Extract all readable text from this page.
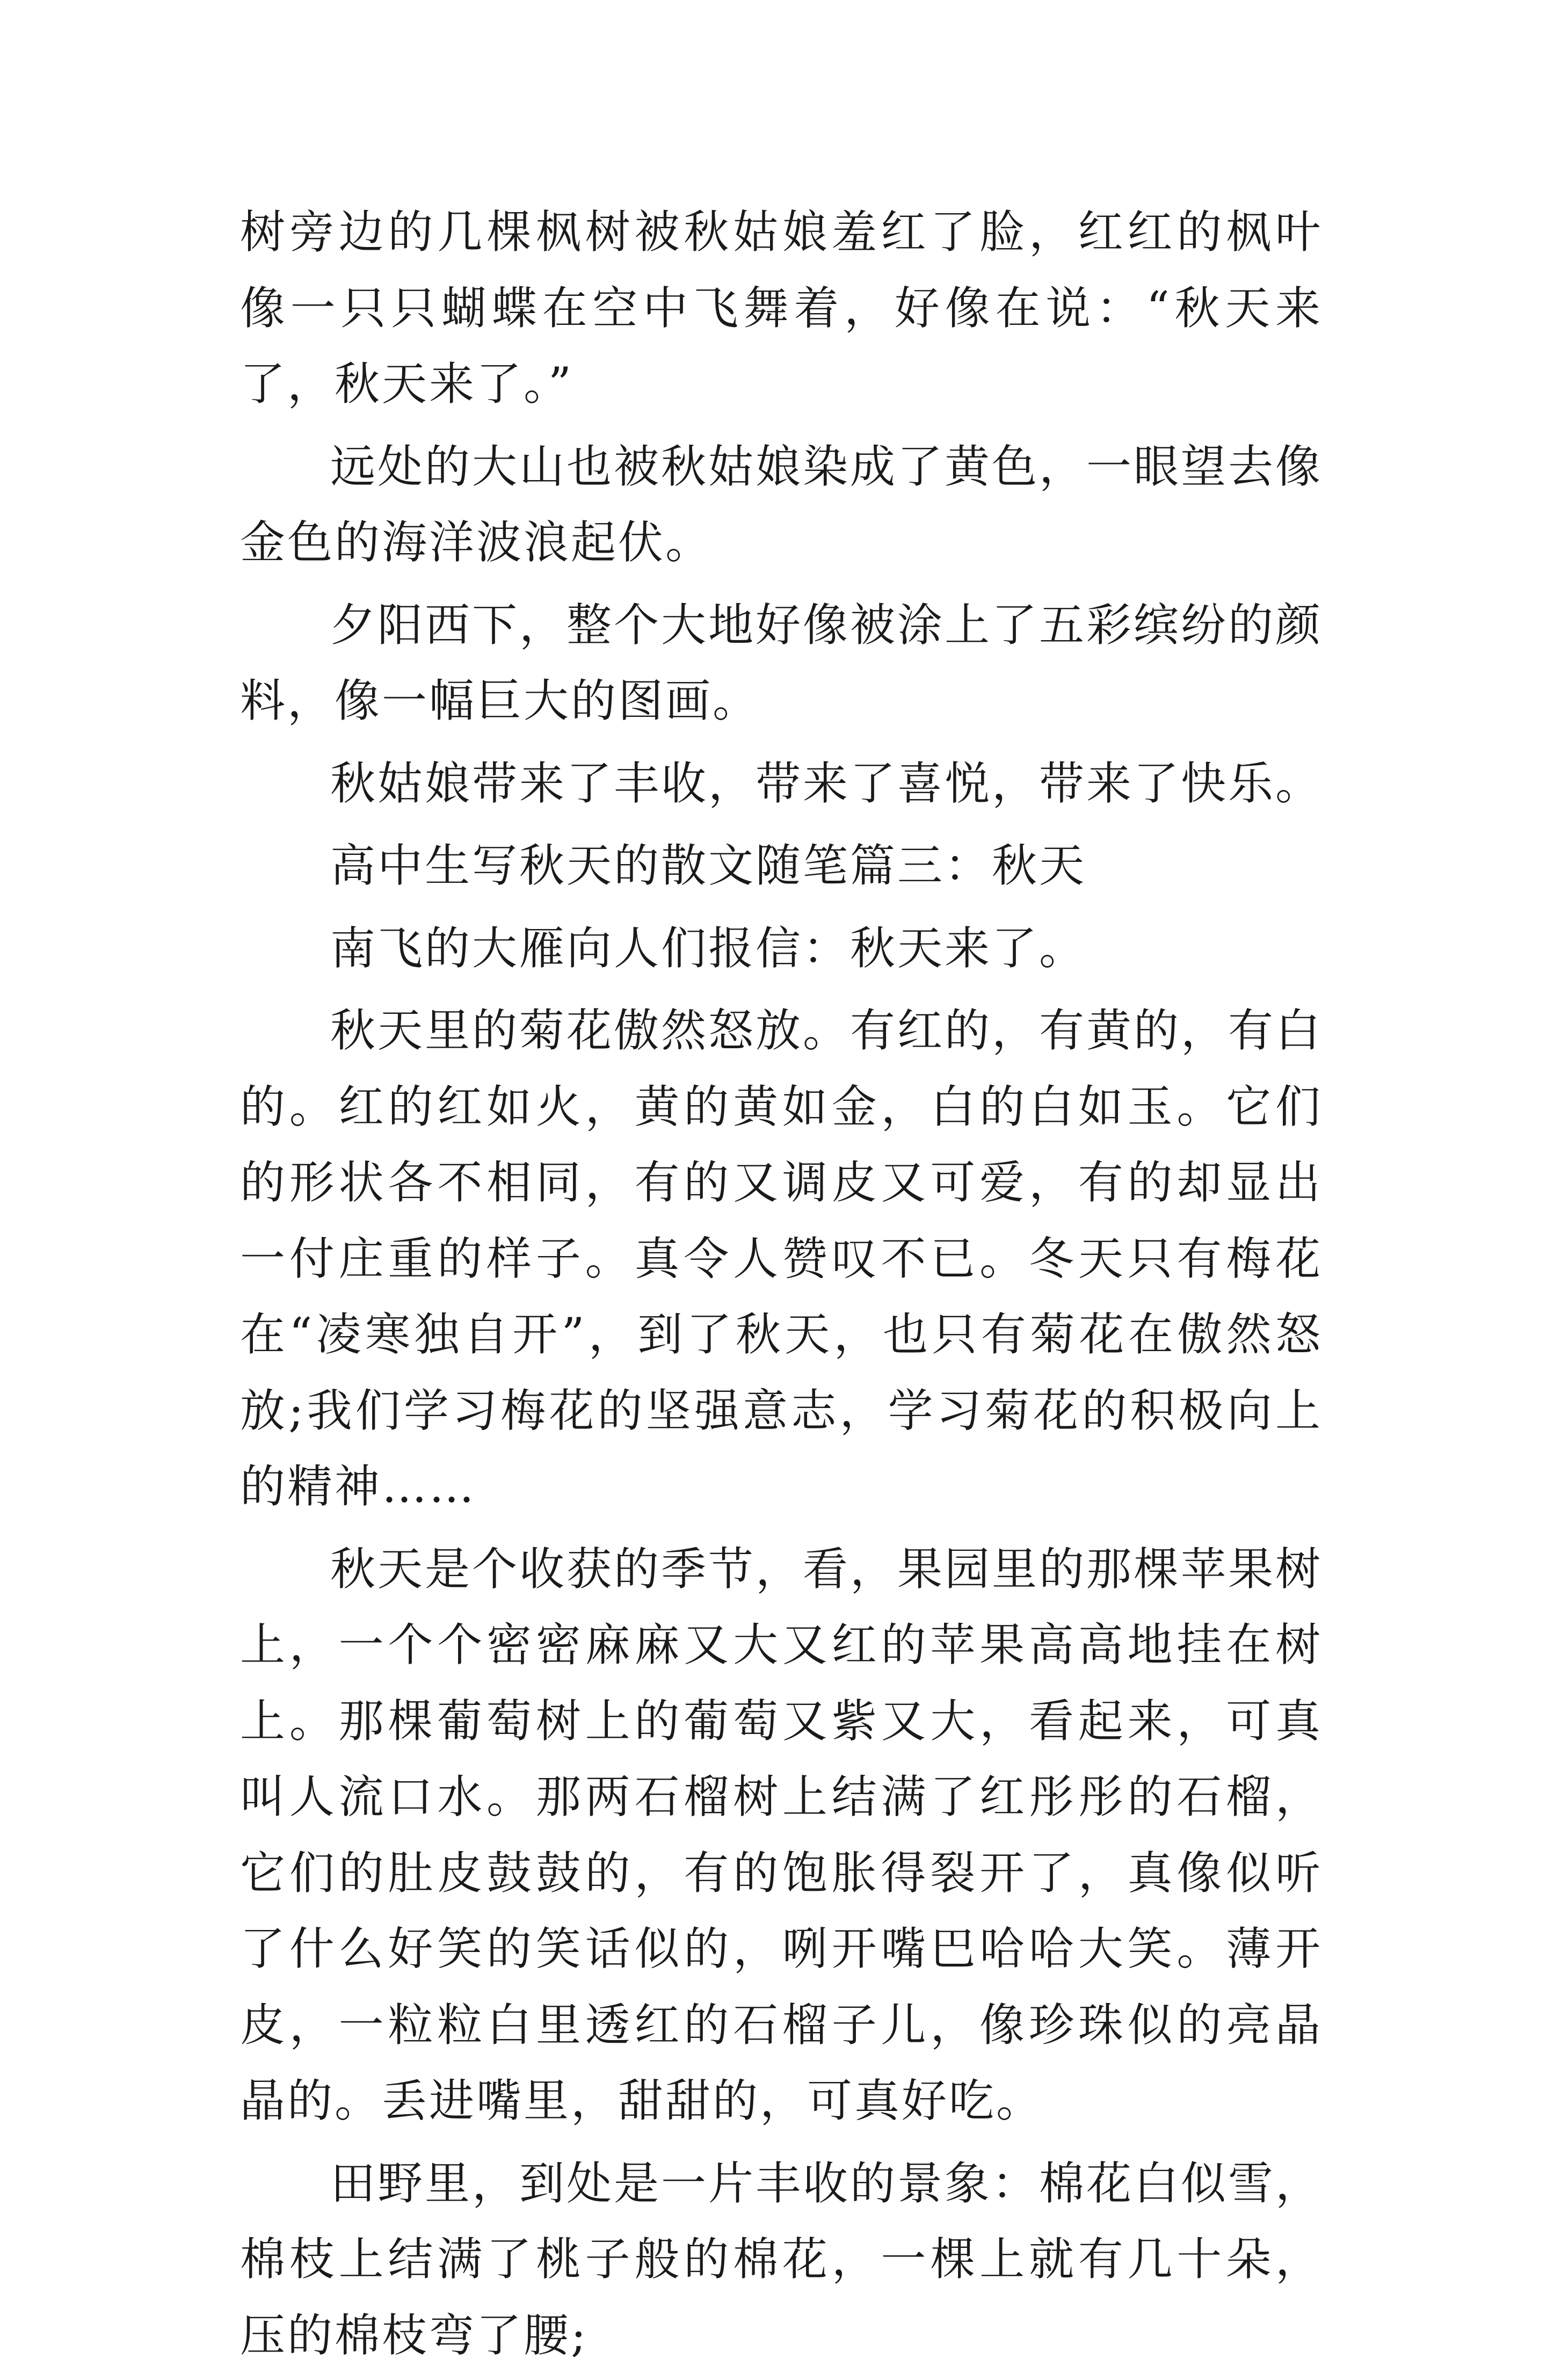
树旁边的几棵枫树被秋姑娘羞红了脸，红红的枫叶像一只只蝴蝶在空中飞舞着，好像在说：“秋天来了，秋天来了。”

远处的大山也被秋姑娘染成了黄色，一眼望去像金色的海洋波浪起伏。

夕阳西下，整个大地好像被涂上了五彩缤纷的颜料，像一幅巨大的图画。

秋姑娘带来了丰收，带来了喜悦，带来了快乐。

高中生写秋天的散文随笔篇三：秋天

南飞的大雁向人们报信：秋天来了。

秋天里的菊花傲然怒放。有红的，有黄的，有白的。红的红如火，黄的黄如金，白的白如玉。它们的形状各不相同，有的又调皮又可爱，有的却显出一付庄重的样子。真令人赞叹不已。冬天只有梅花在“凌寒独自开”，到了秋天，也只有菊花在傲然怒放;我们学习梅花的坚强意志，学习菊花的积极向上的精神……

秋天是个收获的季节，看，果园里的那棵苹果树上，一个个密密麻麻又大又红的苹果高高地挂在树上。那棵葡萄树上的葡萄又紫又大，看起来，可真叫人流口水。那两石榴树上结满了红彤彤的石榴，它们的肚皮鼓鼓的，有的饱胀得裂开了，真像似听了什么好笑的笑话似的，咧开嘴巴哈哈大笑。薄开皮，一粒粒白里透红的石榴子儿，像珍珠似的亮晶晶的。丢进嘴里，甜甜的，可真好吃。

田野里，到处是一片丰收的景象：棉花白似雪，棉枝上结满了桃子般的棉花，一棵上就有几十朵，压的棉枝弯了腰;
